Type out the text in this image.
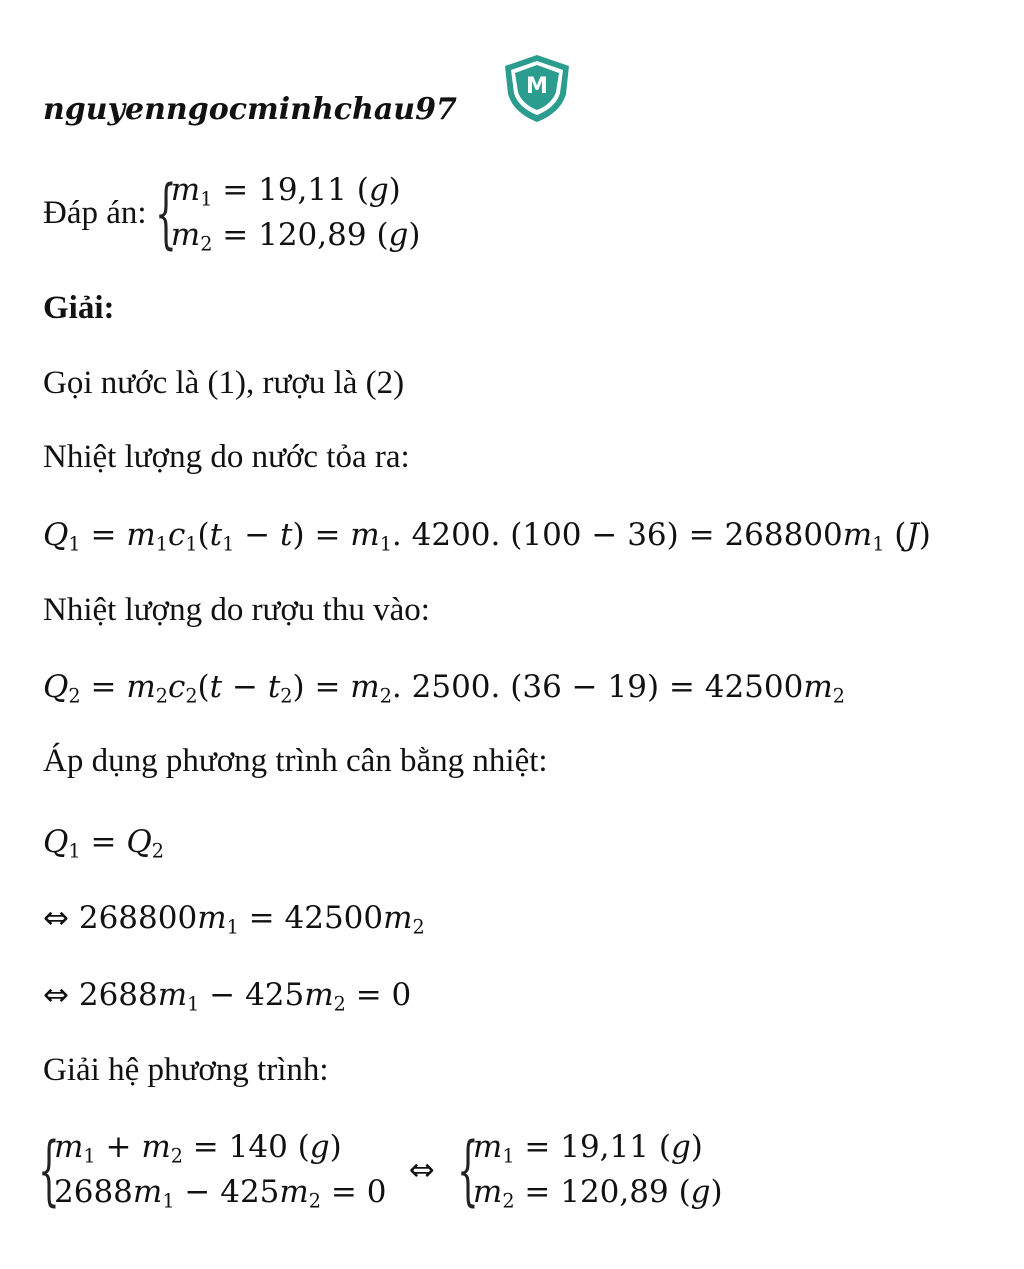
nguyenngocminhchau97
M
Đáp án: {
$m_1 = 19,11$ (g)
$m_2 = 120,89$ (g)
Giải:
Gọi nước là (1), rượu là (2)
Nhiệt lượng do nước tỏa ra:
$Q_1 = m_1c_1(t_1 - t) = m_1$. 4200. $(100 - 36) = 268800m_1$ (J)
Nhiệt lượng do rượu thu vào:
$Q_2 = m_2c_2(t - t_2) = m_2$. 2500. $(36 - 19) = 42500m_2$
Áp dụng phương trình cân bằng nhiệt:
$Q_1 = Q_2$
⇔ $268800m_1 = 42500m_2$
⇔ $2688m_1 - 425m_2 = 0$
Giải hệ phương trình:
{
$m_1 + m_2 = 140$ (g)
$2688m_1 - 425m_2 = 0$
⇔ {
$m_1 = 19,11$ (g)
$m_2 = 120,89$ (g)
